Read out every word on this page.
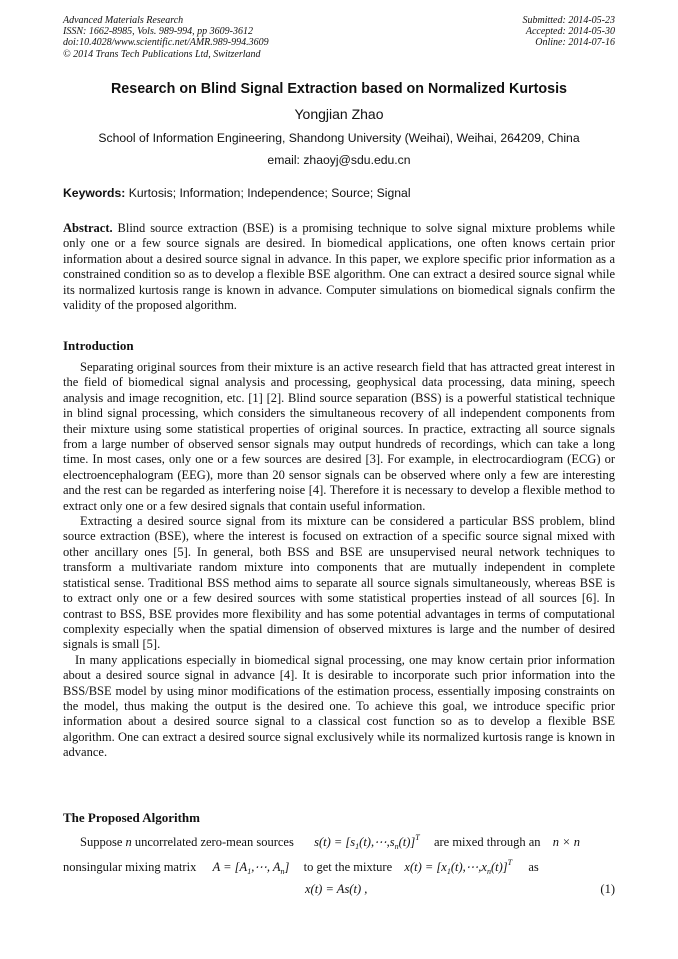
Advanced Materials Research
ISSN: 1662-8985, Vols. 989-994, pp 3609-3612
doi:10.4028/www.scientific.net/AMR.989-994.3609
© 2014 Trans Tech Publications Ltd, Switzerland
Submitted: 2014-05-23
Accepted: 2014-05-30
Online: 2014-07-16
Research on Blind Signal Extraction based on Normalized Kurtosis
Yongjian Zhao
School of Information Engineering, Shandong University (Weihai), Weihai, 264209, China
email: zhaoyj@sdu.edu.cn
Keywords: Kurtosis; Information; Independence; Source; Signal

Abstract. Blind source extraction (BSE) is a promising technique to solve signal mixture problems while only one or a few source signals are desired. In biomedical applications, one often knows certain prior information about a desired source signal in advance. In this paper, we explore specific prior information as a constrained condition so as to develop a flexible BSE algorithm. One can extract a desired source signal while its normalized kurtosis range is known in advance. Computer simulations on biomedical signals confirm the validity of the proposed algorithm.

Introduction

Separating original sources from their mixture is an active research field that has attracted great interest in the field of biomedical signal analysis and processing, geophysical data processing, data mining, speech analysis and image recognition, etc. [1] [2]. Blind source separation (BSS) is a powerful statistical technique in blind signal processing, which considers the simultaneous recovery of all independent components from their mixture using some statistical properties of original sources. In practice, extracting all source signals from a large number of observed sensor signals may output hundreds of recordings, which can take a long time. In most cases, only one or a few sources are desired [3]. For example, in electrocardiogram (ECG) or electroencephalogram (EEG), more than 20 sensor signals can be observed where only a few are interesting and the rest can be regarded as interfering noise [4]. Therefore it is necessary to develop a flexible method to extract only one or a few desired signals that contain useful information.

Extracting a desired source signal from its mixture can be considered a particular BSS problem, blind source extraction (BSE), where the interest is focused on extraction of a specific source signal mixed with other ancillary ones [5]. In general, both BSS and BSE are unsupervised neural network techniques to transform a multivariate random mixture into components that are mutually independent in complete statistical sense. Traditional BSS method aims to separate all source signals simultaneously, whereas BSE is to extract only one or a few desired sources with some statistical properties instead of all sources [6]. In contrast to BSS, BSE provides more flexibility and has some potential advantages in terms of computational complexity especially when the spatial dimension of observed mixtures is large and the number of desired signals is small [5].

In many applications especially in biomedical signal processing, one may know certain prior information about a desired source signal in advance [4]. It is desirable to incorporate such prior information into the BSS/BSE model by using minor modifications of the estimation process, essentially imposing constraints on the model, thus making the output is the desired one. To achieve this goal, we introduce specific prior information about a desired source signal to a classical cost function so as to develop a flexible BSE algorithm. One can extract a desired source signal exclusively while its normalized kurtosis range is known in advance.

The Proposed Algorithm
Suppose n uncorrelated zero-mean sources $s(t) = [s_1(t),\cdots,s_n(t)]^T$ are mixed through an n × n
nonsingular mixing matrix $A = [A_1,\cdots$, $A_n$] to get the mixture $x(t) = [x_1(t),\cdots,x_n(t)]^T$ as
x(t) = As(t) ,	(1)
